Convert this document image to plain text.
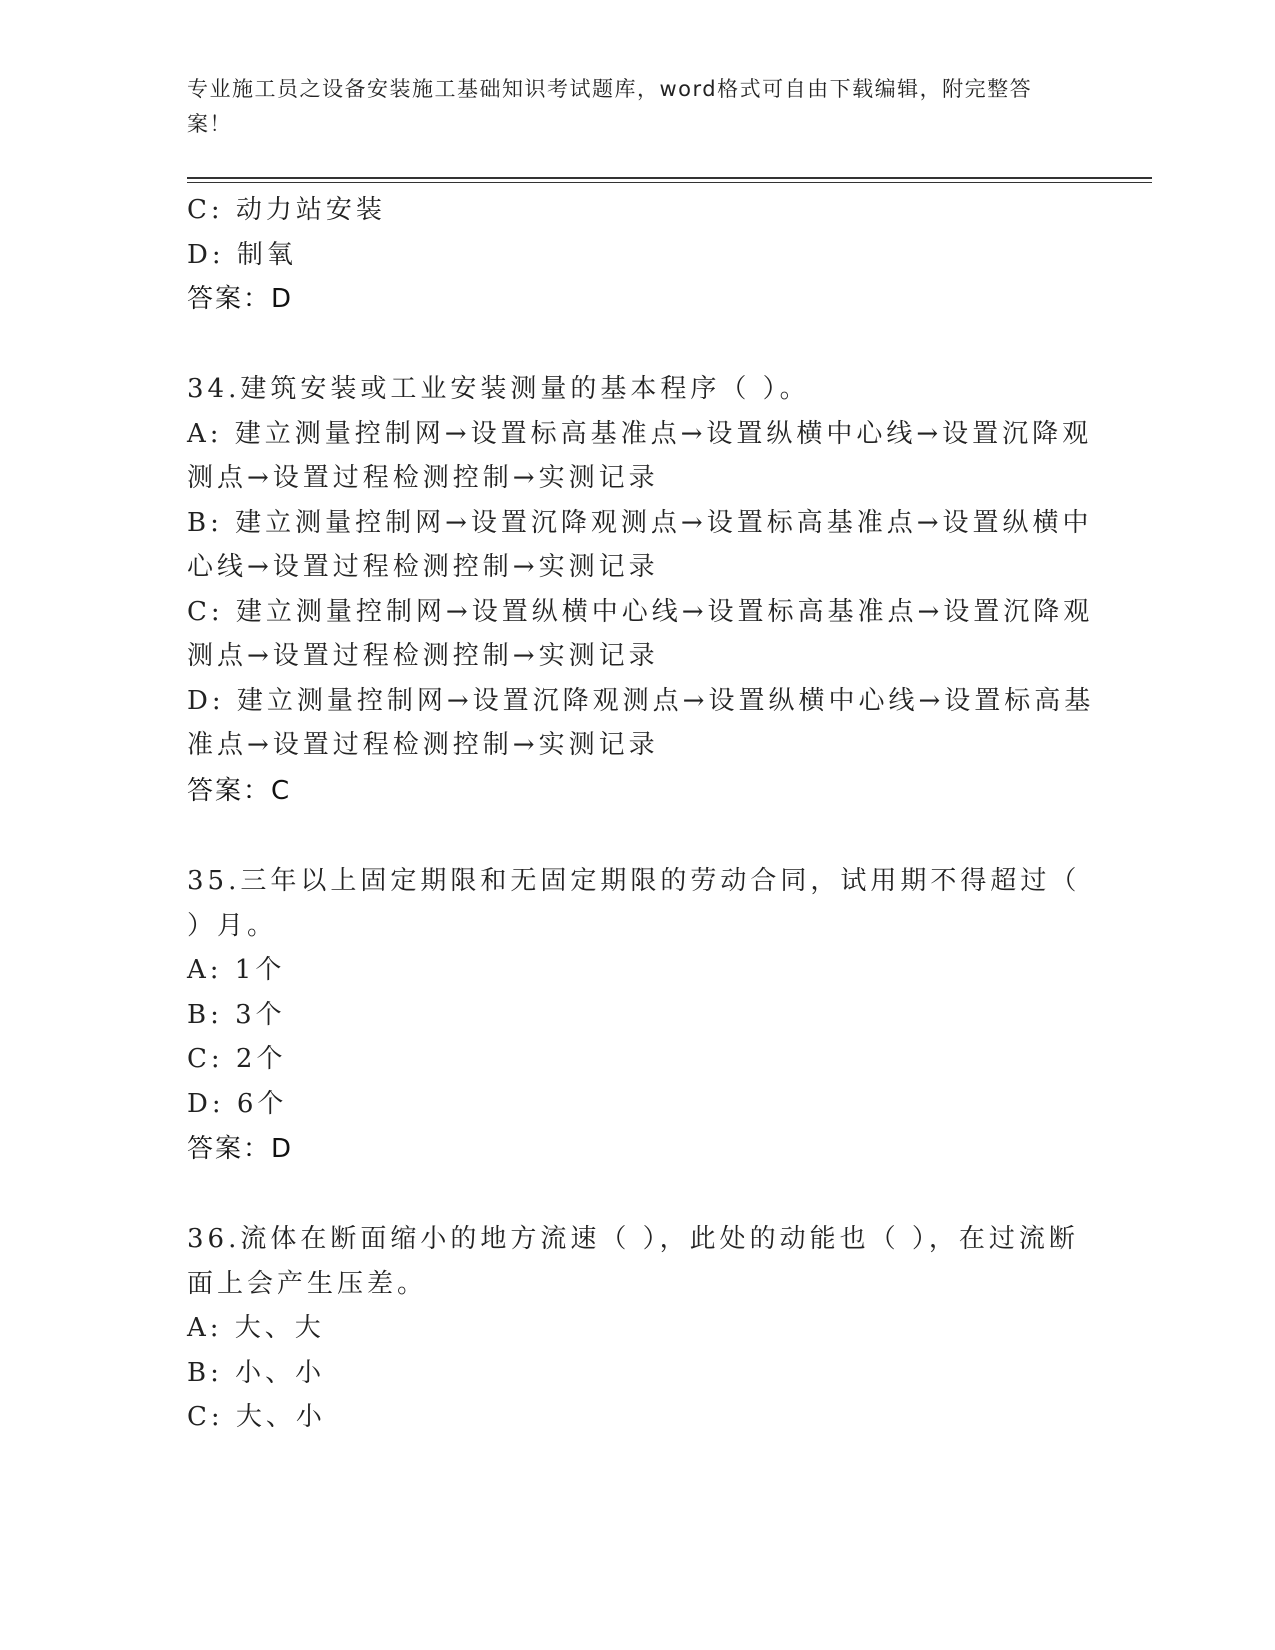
专业施工员之设备安装施工基础知识考试题库，word格式可自由下载编辑，附完整答案！
C: 动力站安装
D: 制氧
答案：D
34.建筑安装或工业安装测量的基本程序（ ）。
A: 建立测量控制网→设置标高基准点→设置纵横中心线→设置沉降观
测点→设置过程检测控制→实测记录
B: 建立测量控制网→设置沉降观测点→设置标高基准点→设置纵横中
心线→设置过程检测控制→实测记录
C: 建立测量控制网→设置纵横中心线→设置标高基准点→设置沉降观
测点→设置过程检测控制→实测记录
D: 建立测量控制网→设置沉降观测点→设置纵横中心线→设置标高基
准点→设置过程检测控制→实测记录
答案：C
35.三年以上固定期限和无固定期限的劳动合同，试用期不得超过（
）月。
A: 1个
B: 3个
C: 2个
D: 6个
答案：D
36.流体在断面缩小的地方流速（ ），此处的动能也（ ），在过流断
面上会产生压差。
A: 大、大
B: 小、小
C: 大、小
